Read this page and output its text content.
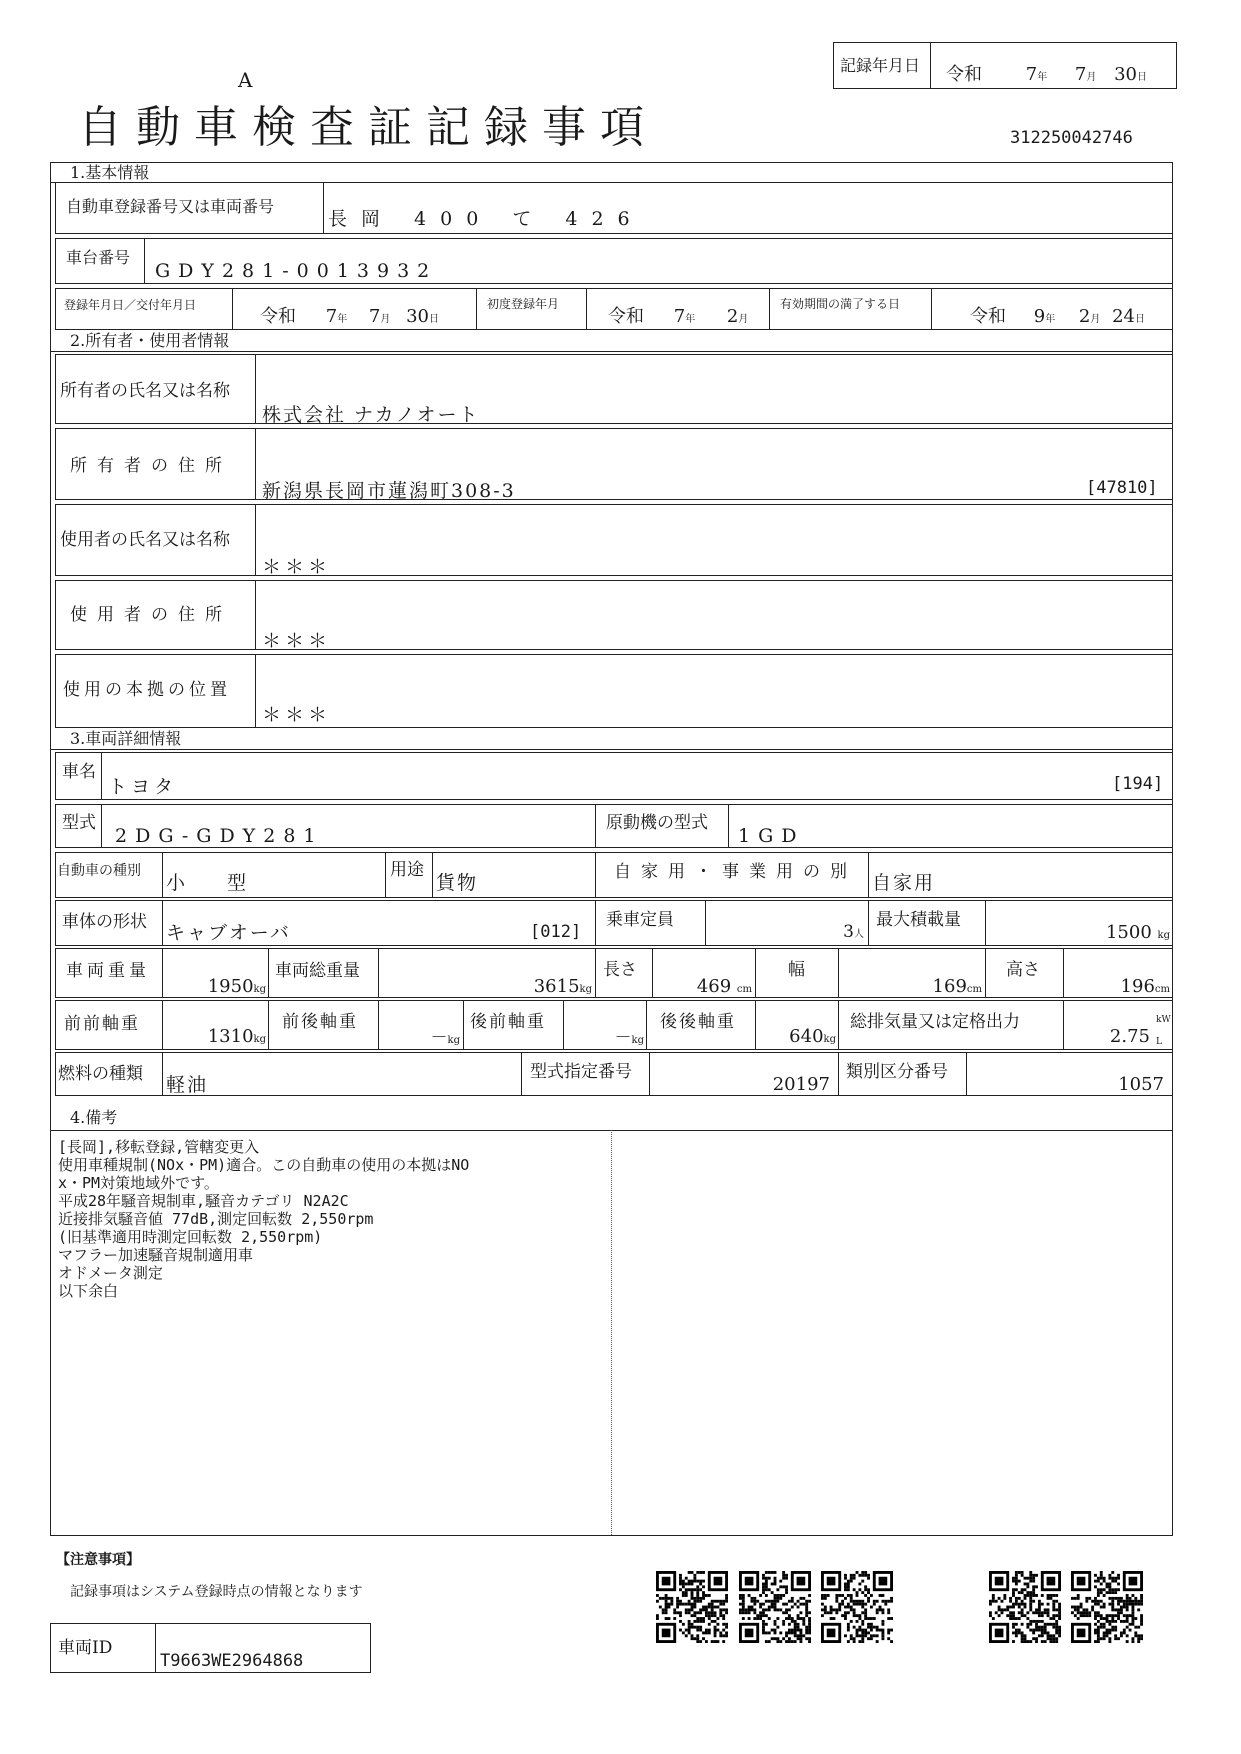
A
自動車検査証記録事項
記録年月日 令和 7年 7月 30日
312250042746
1.基本情報
自動車登録番号又は車両番号
長岡 400 て 426
車台番号
GDY281-0013932
登録年月日／交付年月日
令和 7年 7月 30日
初度登録年月
令和 7年 2月
有効期間の満了する日
令和 9年 2月 24日
2.所有者・使用者情報
所有者の氏名又は名称
株式会社 ナカノオート
所有者の住所
新潟県長岡市蓮潟町308-3	[47810]
使用者の氏名又は名称
＊＊＊
使用者の住所
＊＊＊
使用の本拠の位置
＊＊＊
3.車両詳細情報
車名
トヨタ	[194]
型式
2DG-GDY281
原動機の型式
1GD
自動車の種別
小 型
用途
貨物	自家用・事業用の別 自家用
車体の形状 キャブオーバ	[012]
乗車定員
3人
最大積載量
1500 kg
車両重量
1950kg
車両総重量
3615kg
長さ
469 cm
幅
169cm
高さ
196cm
前前軸重
1310kg
前後軸重
－kg
後前軸重
－kg
後後軸重
640kg
総排気量又は定格出力
2.75
kW
L
燃料の種類 軽油
型式指定番号
20197
類別区分番号
1057
4.備考
[長岡],移転登録,管轄変更入
使用車種規制(NOx・PM)適合。この自動車の使用の本拠はNO
x・PM対策地域外です。
平成28年騒音規制車,騒音カテゴリ N2A2C
近接排気騒音値 77dB,測定回転数 2,550rpm
(旧基準適用時測定回転数 2,550rpm)
マフラー加速騒音規制適用車
オドメータ測定
以下余白
【注意事項】
記録事項はシステム登録時点の情報となります
車両ID
T9663WE2964868
